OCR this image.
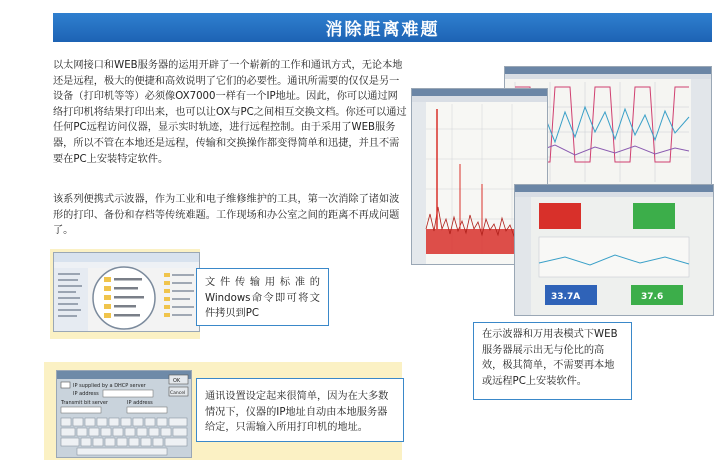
消除距离难题

以太网接口和WEB服务器的运用开辟了一个崭新的工作和通讯方式，无论本地还是远程，极大的便捷和高效说明了它们的必要性。通讯所需要的仅仅是另一设备（打印机等等）必须像OX7000一样有一个IP地址。因此，你可以通过网络打印机将结果打印出来，也可以让OX与PC之间相互交换文档。你还可以通过任何PC远程访问仪器，显示实时轨迹，进行远程控制。由于采用了WEB服务器，所以不管在本地还是远程，传输和交换操作都变得简单和迅捷，并且不需要在PC上安装特定软件。

该系列便携式示波器，作为工业和电子维修维护的工具，第一次消除了诸如波形的打印、备份和存档等传统难题。工作现场和办公室之间的距离不再成问题了。

IP supplied by a DHCP server
IP address
Transmit bit server	IP address
OK
Cancel
33.7A	37.6
文件传输用标准的Windows命令即可将文件拷贝到PC
通讯设置设定起来很简单，因为在大多数情况下，仪器的IP地址自动由本地服务器给定，只需输入所用打印机的地址。
在示波器和万用表模式下WEB服务器展示出无与伦比的高效，极其简单，不需要再本地或远程PC上安装软件。
